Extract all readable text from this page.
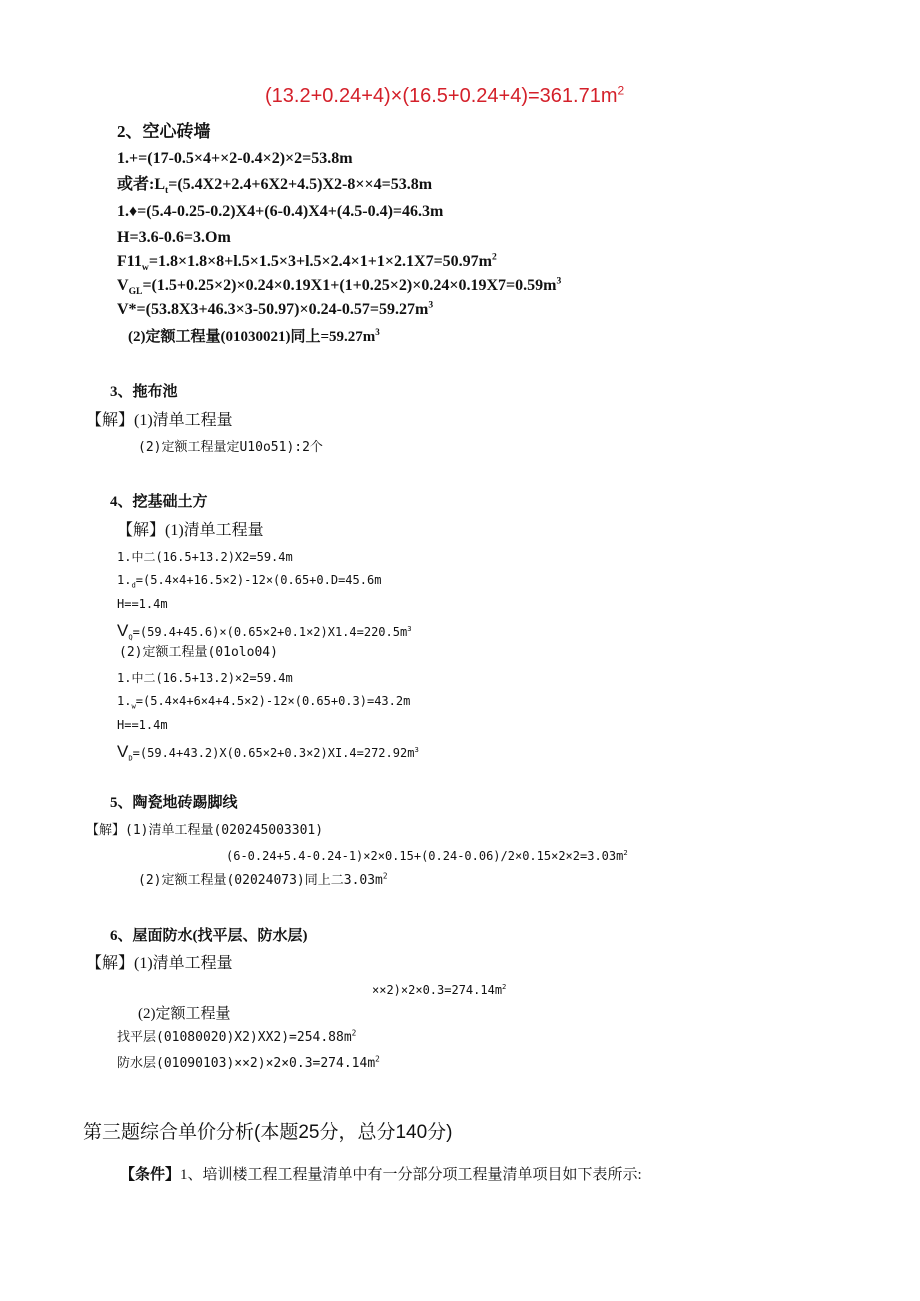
$(13.2+0.24+4)\times(16.5+0.24+4)=361.71m^2$
2、空心砖墙
1.+=(17-0.5×4+×2-0.4×2)×2=53.8m
或者$:L_t=(5.4X2+2.4+6X2+4.5)X2-8\times\times 4=53.8m$
1.♦=(5.4-0.25-0.2)X4+(6-0.4)X4+(4.5-0.4)=46.3m
H=3.6-0.6=3.Om
$F11_w=1.8\times 1.8\times 8+l.5\times 1.5\times 3+l.5\times 2.4\times 1+1\times 2.1X7=50.97m^2$
$V_{GL}=(1.5+0.25\times 2)\times 0.24\times 0.19X1+(1+0.25\times 2)\times 0.24\times 0.19X7=0.59m^3$
$V*=(53.8X3+46.3\times 3-50.97)\times 0.24-0.57=59.27m^3$
(2)定额工程量(01030021)同上$=59.27m^3$
3、拖布池
【解】(1)清单工程量
(2)定额工程量定U10o51):2个
4、挖基础土方
【解】(1)清单工程量
1.中二(16.5+13.2)X2=59.4m
$1._d=(5.4\times 4+16.5\times 2)-12\times(0.65+0.D=45.6m$
H==1.4m
$V_Q=(59.4+45.6)\times(0.65\times 2+0.1\times 2)X1.4=220.5m^3$
(2)定额工程量(01olo04)
1.中二(16.5+13.2)×2=59.4m
$1._w=(5.4\times 4+6\times 4+4.5\times 2)-12\times(0.65+0.3)=43.2m$
H==1.4m
$V_D=(59.4+43.2)X(0.65\times 2+0.3\times 2)XI.4=272.92m^3$
5、陶瓷地砖踢脚线
【解】(1)清单工程量(020245003301)
$(6-0.24+5.4-0.24-1)\times 2\times 0.15+(0.24-0.06)/2\times 0.15\times 2\times 2=3.03m^2$
(2)定额工程量(02024073)同上二$3.03m^2$
6、屋面防水(找平层、防水层)
【解】(1)清单工程量
$\times\times 2)\times 2\times 0.3=274.14m^2$
(2)定额工程量
找平层$(01080020)X2)XX2)=254.88m^2$
防水层$(01090103)\times\times 2)\times 2\times 0.3=274.14m^2$
第三题综合单价分析(本题25分，总分140分)
【条件】1、培训楼工程工程量清单中有一分部分项工程量清单项目如下表所示:
